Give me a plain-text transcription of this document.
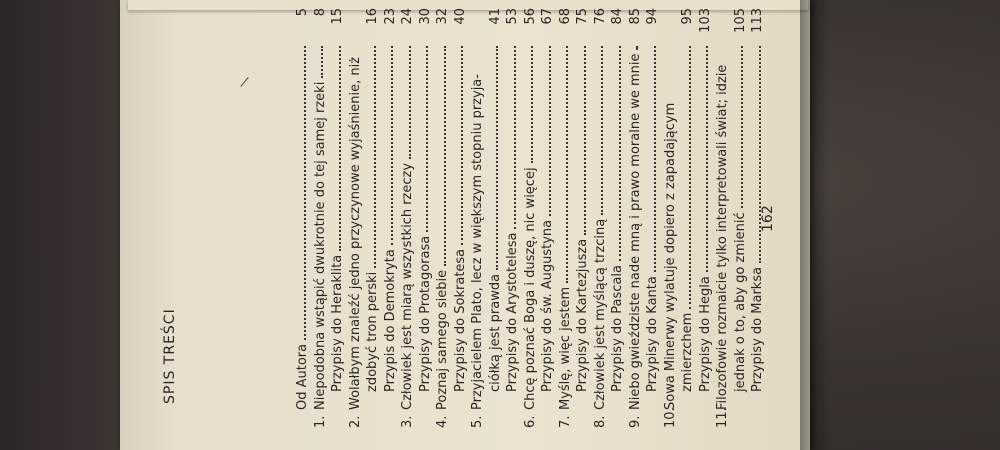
SPIS TREŚCI	Od Autora
5
1.
Niepodobna wstąpić dwukrotnie do tej samej rzeki
8
Przypisy do Heraklita
15
2.
Wolałbym znaleźć jedno przyczynowe wyjaśnienie, niż zdobyć tron perski
16
Przypis do Demokryta
23
3.
Człowiek jest miarą wszystkich rzeczy
24
Przypisy do Protagorasa
30
4.
Poznaj samego siebie
32
Przypisy do Sokratesa
40
5.
Przyjacielem Plato, lecz w większym stopniu przyja- ciółką jest prawda
41
Przypisy do Arystotelesa
53
6.
Chcę poznać Boga i duszę, nic więcej
56
Przypisy do św. Augustyna
67
7.
Myślę, więc jestem
68
Przypisy do Kartezjusza
75
8.
Człowiek jest myślącą trzciną
76
Przypisy do Pascala
84
9.
Niebo gwieździste nade mną i prawo moralne we mnie
85
Przypisy do Kanta
94
10.
Sowa Minerwy wylatuje dopiero z zapadającym zmierzchem
95
Przypisy do Hegla
103
11.
Filozofowie rozmaicie tylko interpretowali świat; idzie jednak o to, aby go zmienić
105
Przypisy do Marksa
113
162
